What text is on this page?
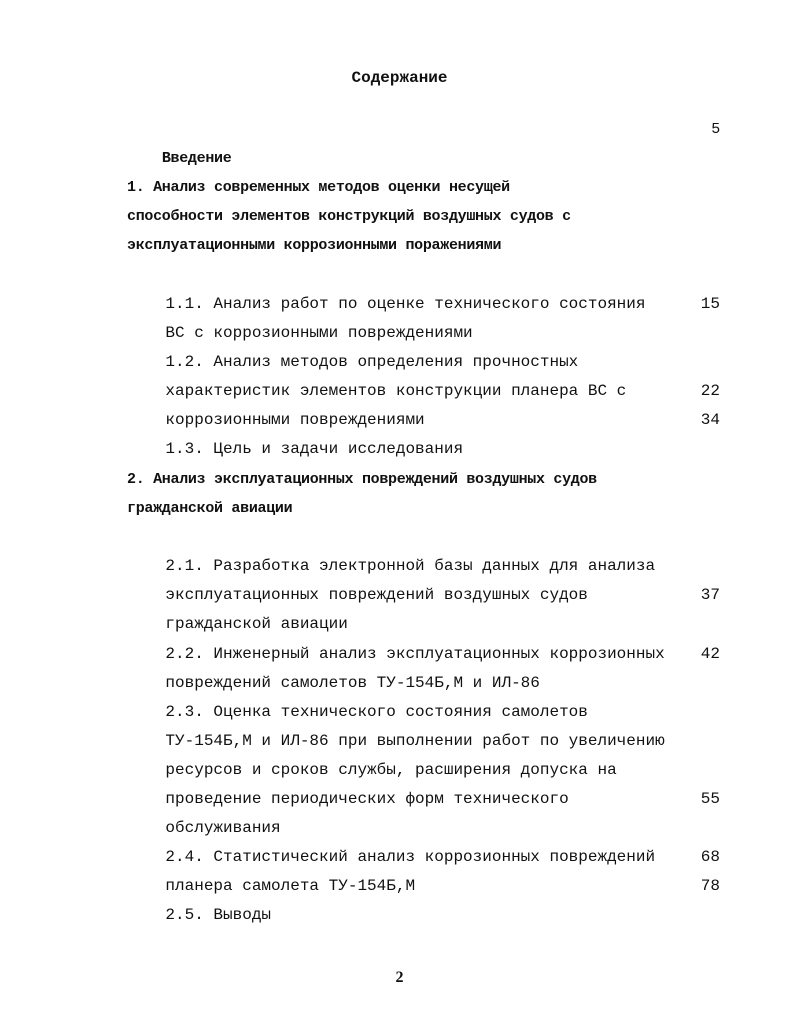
Содержание

Введение

5

1. Анализ современных методов оценки несущей
способности элементов конструкций воздушных судов с
эксплуатационными коррозионными поражениями

1.1. Анализ работ по оценке технического состояния

ВС с коррозионными повреждениями

15

1.2. Анализ методов определения прочностных

характеристик элементов конструкции планера ВС с

коррозионными повреждениями

22

1.3. Цель и задачи исследования

34

2. Анализ эксплуатационных повреждений воздушных судов
гражданской авиации

2.1. Разработка электронной базы данных для анализа

эксплуатационных повреждений воздушных судов

гражданской авиации

37

2.2. Инженерный анализ эксплуатационных коррозионных

повреждений самолетов ТУ-154Б,М и ИЛ-86

42

2.3. Оценка технического состояния самолетов

ТУ-154Б,М и ИЛ-86 при выполнении работ по увеличению

ресурсов и сроков службы, расширения допуска на

проведение периодических форм технического

обслуживания

55

2.4. Статистический анализ коррозионных повреждений

планера самолета ТУ-154Б,М

68

2.5. Выводы

78

2
